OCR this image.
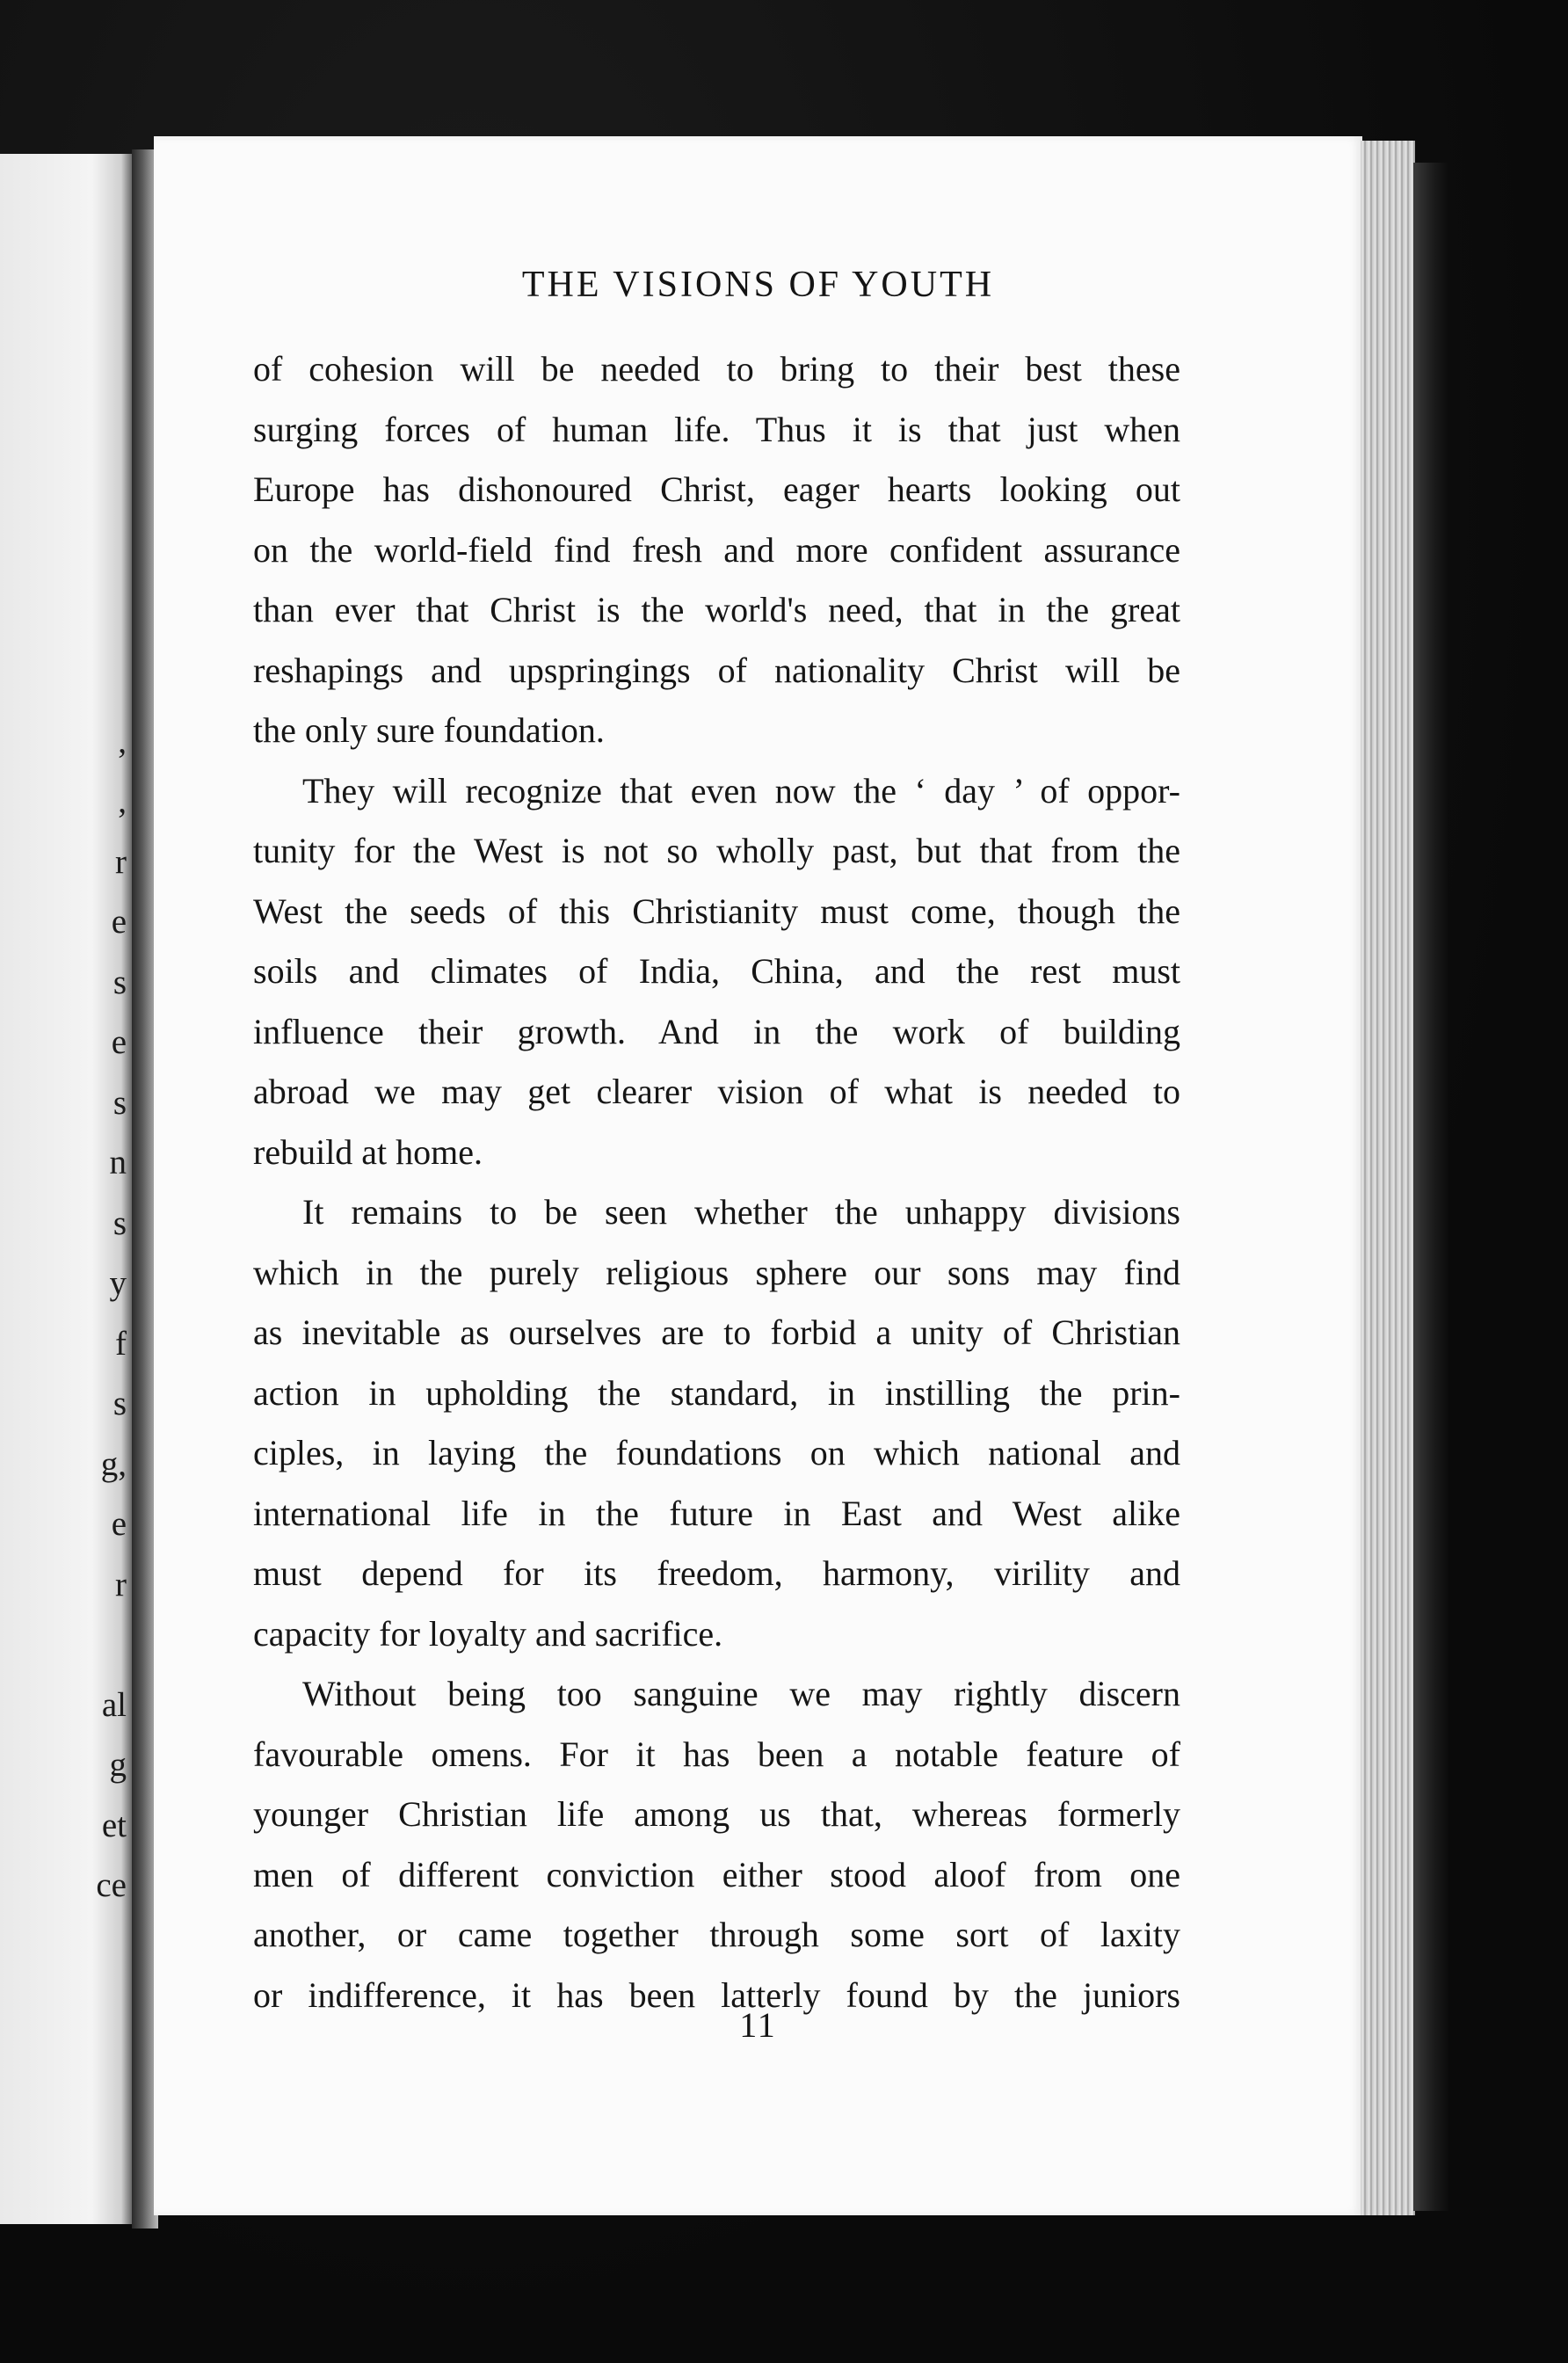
,
,
r
e
s
e
s
n
s
y
f
s
g,
e
r
al
g
et
ce
THE VISIONS OF YOUTH
of cohesion will be needed to bring to their best these
surging forces of human life. Thus it is that just when
Europe has dishonoured Christ, eager hearts looking out
on the world-field find fresh and more confident assurance
than ever that Christ is the world's need, that in the great
reshapings and upspringings of nationality Christ will be
the only sure foundation.
They will recognize that even now the ‘ day ’ of oppor-
tunity for the West is not so wholly past, but that from the
West the seeds of this Christianity must come, though the
soils and climates of India, China, and the rest must
influence their growth. And in the work of building
abroad we may get clearer vision of what is needed to
rebuild at home.
It remains to be seen whether the unhappy divisions
which in the purely religious sphere our sons may find
as inevitable as ourselves are to forbid a unity of Christian
action in upholding the standard, in instilling the prin-
ciples, in laying the foundations on which national and
international life in the future in East and West alike
must depend for its freedom, harmony, virility and
capacity for loyalty and sacrifice.
Without being too sanguine we may rightly discern
favourable omens. For it has been a notable feature of
younger Christian life among us that, whereas formerly
men of different conviction either stood aloof from one
another, or came together through some sort of laxity
or indifference, it has been latterly found by the juniors
11
